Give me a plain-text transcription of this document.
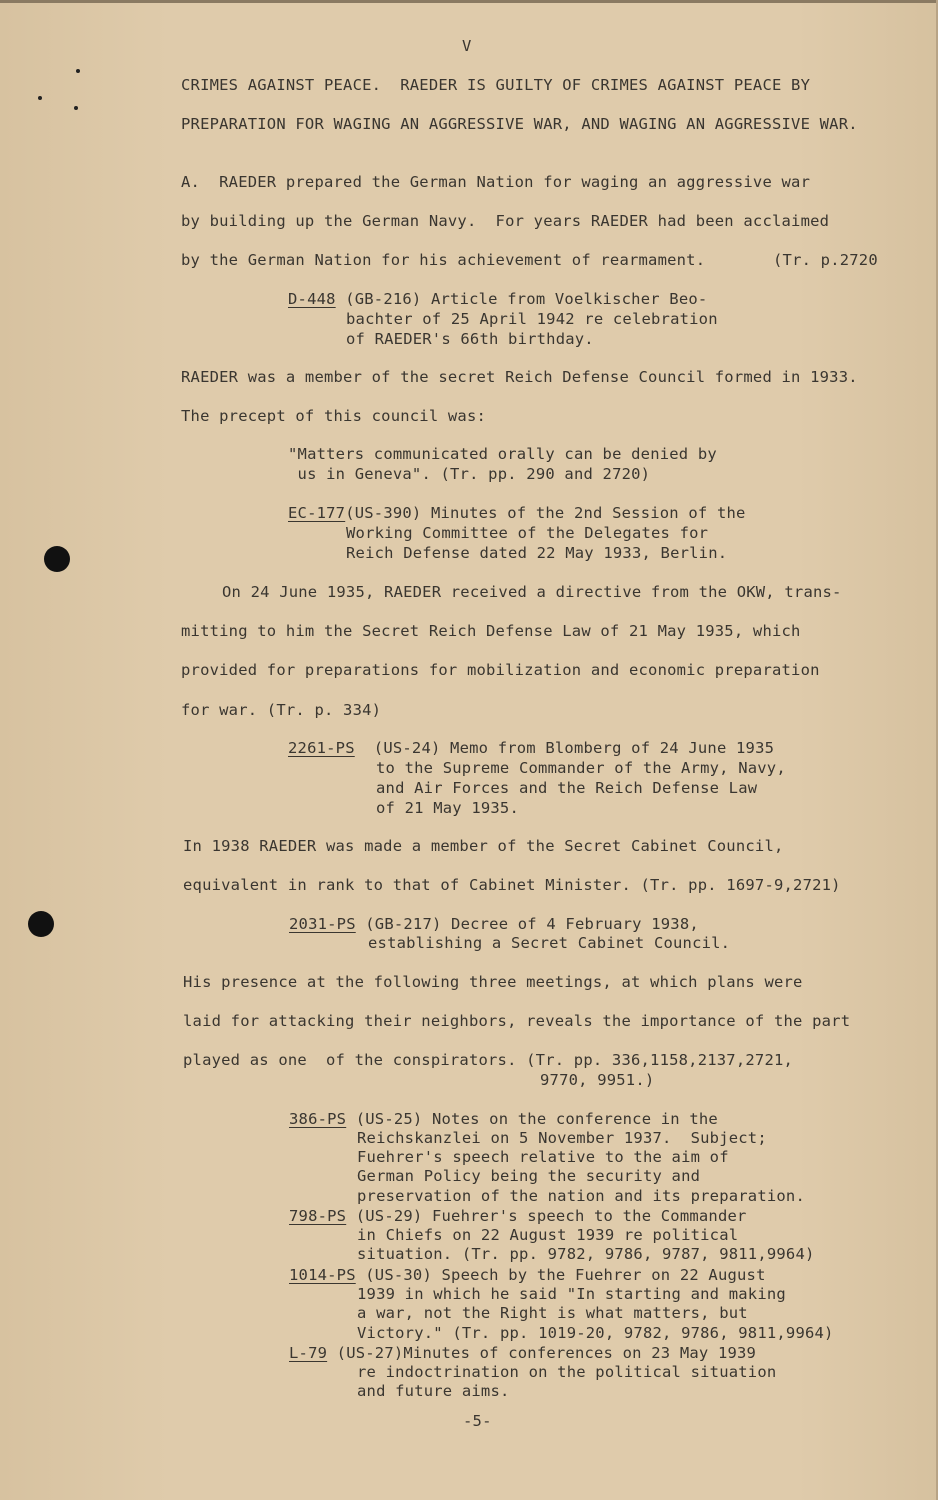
V
CRIMES AGAINST PEACE.  RAEDER IS GUILTY OF CRIMES AGAINST PEACE BY
PREPARATION FOR WAGING AN AGGRESSIVE WAR, AND WAGING AN AGGRESSIVE WAR.
A.  RAEDER prepared the German Nation for waging an aggressive war
by building up the German Navy.  For years RAEDER had been acclaimed
by the German Nation for his achievement of rearmament.	(Tr. p.2720
D-448 (GB-216) Article from Voelkischer Beo-
bachter of 25 April 1942 re celebration
of RAEDER's 66th birthday.
RAEDER was a member of the secret Reich Defense Council formed in 1933.
The precept of this council was:
"Matters communicated orally can be denied by
us in Geneva". (Tr. pp. 290 and 2720)
EC-177(US-390) Minutes of the 2nd Session of the
Working Committee of the Delegates for
Reich Defense dated 22 May 1933, Berlin.
On 24 June 1935, RAEDER received a directive from the OKW, trans-
mitting to him the Secret Reich Defense Law of 21 May 1935, which
provided for preparations for mobilization and economic preparation
for war. (Tr. p. 334)
2261-PS  (US-24) Memo from Blomberg of 24 June 1935
to the Supreme Commander of the Army, Navy,
and Air Forces and the Reich Defense Law
of 21 May 1935.
In 1938 RAEDER was made a member of the Secret Cabinet Council,
equivalent in rank to that of Cabinet Minister. (Tr. pp. 1697-9,2721)
2031-PS (GB-217) Decree of 4 February 1938,
establishing a Secret Cabinet Council.
His presence at the following three meetings, at which plans were
laid for attacking their neighbors, reveals the importance of the part
played as one  of the conspirators. (Tr. pp. 336,1158,2137,2721,
9770, 9951.)
386-PS (US-25) Notes on the conference in the
Reichskanzlei on 5 November 1937.  Subject;
Fuehrer's speech relative to the aim of
German Policy being the security and
preservation of the nation and its preparation.
798-PS (US-29) Fuehrer's speech to the Commander
in Chiefs on 22 August 1939 re political
situation. (Tr. pp. 9782, 9786, 9787, 9811,9964)
1014-PS (US-30) Speech by the Fuehrer on 22 August
1939 in which he said "In starting and making
a war, not the Right is what matters, but
Victory." (Tr. pp. 1019-20, 9782, 9786, 9811,9964)
L-79 (US-27)Minutes of conferences on 23 May 1939
re indoctrination on the political situation
and future aims.
-5-
